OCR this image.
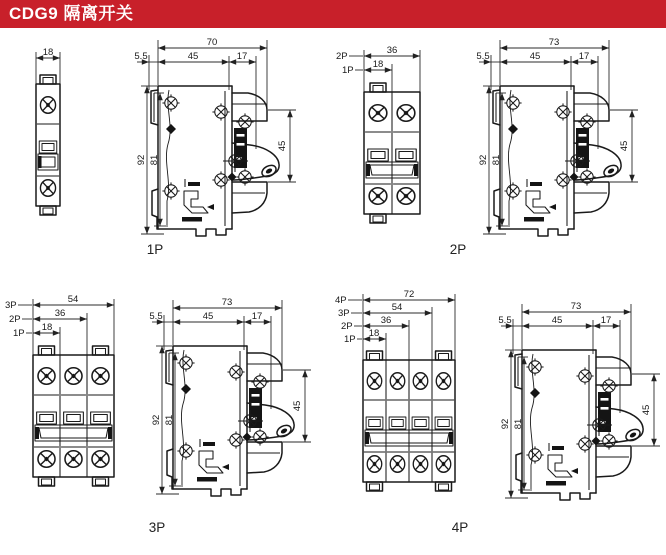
CDG9 隔离开关
18
70
5.5	45	17
92 81
45
1P
36
2P
18
1P
73
5.5	45	17
92 81
45
2P
54
3P
36
2P
18
1P
73
5.5	45	17
92 81
45
3P
72
4P
54
3P
36
2P
18
1P
73
5.5	45	17
92 81
45
4P
